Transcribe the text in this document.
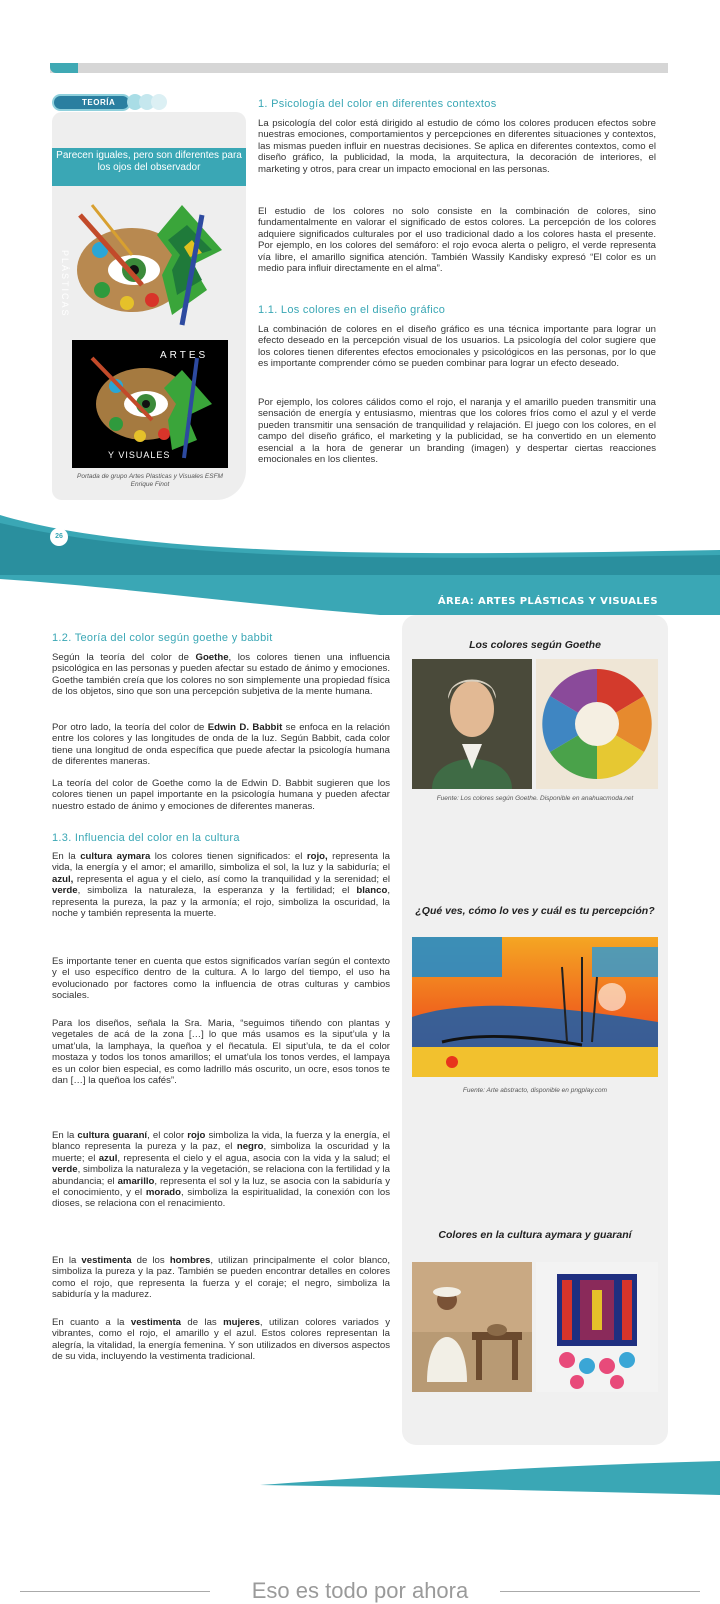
TEORÍA
Parecen iguales, pero son diferentes para los ojos del observador
ARTES
PLÁSTICAS
Y VISUALES
Portada de grupo Artes Plasticas y Visuales ESFM Enrique Finot
1. Psicología del color en diferentes contextos

La psicología del color está dirigido al estudio de cómo los colores producen efectos sobre nuestras emociones, comportamientos y percepciones en diferentes situaciones y contextos, las mismas pueden influir en nuestras decisiones. Se aplica en diferentes contextos, como el diseño gráfico, la publicidad, la moda, la arquitectura, la decoración de interiores, el marketing y otros, para crear un impacto emocional en las personas.

El estudio de los colores no solo consiste en la combinación de colores, sino fundamentalmente en valorar el significado de estos colores. La percepción de los colores adquiere significados culturales por el uso tradicional dado a los colores hasta el presente. Por ejemplo, en los colores del semáforo: el rojo evoca alerta o peligro, el verde representa vía libre, el amarillo significa atención. También Wassily Kandisky expresó “El color es un medio para influir directamente en el alma”.

1.1. Los colores en el diseño gráfico

La combinación de colores en el diseño gráfico es una técnica importante para lograr un efecto deseado en la percepción visual de los usuarios. La psicología del color sugiere que los colores tienen diferentes efectos emocionales y psicológicos en las personas, por lo que es importante comprender cómo se pueden combinar para lograr un efecto deseado.

Por ejemplo, los colores cálidos como el rojo, el naranja y el amarillo pueden transmitir una sensación de energía y entusiasmo, mientras que los colores fríos como el azul y el verde pueden transmitir una sensación de tranquilidad y relajación. El juego con los colores, en el campo del diseño gráfico, el marketing y la publicidad, se ha convertido en un elemento esencial a la hora de generar un branding (imagen) y despertar ciertas reacciones emocionales en los clientes.

26
ÁREA: ARTES PLÁSTICAS Y VISUALES
1.2. Teoría del color según goethe y babbit

Según la teoría del color de Goethe, los colores tienen una influencia psicológica en las personas y pueden afectar su estado de ánimo y emociones. Goethe también creía que los colores no son simplemente una propiedad física de los objetos, sino que son una percepción subjetiva de la mente humana.

Por otro lado, la teoría del color de Edwin D. Babbit se enfoca en la relación entre los colores y las longitudes de onda de la luz. Según Babbit, cada color tiene una longitud de onda específica que puede afectar la psicología humana de diferentes maneras.

La teoría del color de Goethe como la de Edwin D. Babbit sugieren que los colores tienen un papel importante en la psicología humana y pueden afectar nuestro estado de ánimo y emociones de diferentes maneras.

1.3. Influencia del color en la cultura

En la cultura aymara los colores tienen significados: el rojo, representa la vida, la energía y el amor; el amarillo, simboliza el sol, la luz y la sabiduría; el azul, representa el agua y el cielo, así como la tranquilidad y la serenidad; el verde, simboliza la naturaleza, la esperanza y la fertilidad; el blanco, representa la pureza, la paz y la armonía; el rojo, simboliza la oscuridad, la noche y también representa la muerte.

Es importante tener en cuenta que estos significados varían según el contexto y el uso específico dentro de la cultura. A lo largo del tiempo, el uso ha evolucionado por factores como la influencia de otras culturas y cambios sociales.

Para los diseños, señala la Sra. Maria, “seguimos tiñendo con plantas y vegetales de acá de la zona […] lo que más usamos es la siput’ula y la umat’ula, la lamphaya, la queñoa y el ñecatula. El siput’ula, te da el color mostaza y todos los tonos amarillos; el umat’ula los tonos verdes, el lampaya es un color bien especial, es como ladrillo más oscurito, un ocre, esos tonos te dan […] la queñoa los cafés”.

En la cultura guaraní, el color rojo simboliza la vida, la fuerza y la energía, el blanco representa la pureza y la paz, el negro, simboliza la oscuridad y la muerte; el azul, representa el cielo y el agua, asocia con la vida y la salud; el verde, simboliza la naturaleza y la vegetación, se relaciona con la fertilidad y la abundancia; el amarillo, representa el sol y la luz, se asocia con la sabiduría y el conocimiento, y el morado, simboliza la espiritualidad, la conexión con los dioses, se relaciona con el renacimiento.

En la vestimenta de los hombres, utilizan principalmente el color blanco, simboliza la pureza y la paz. También se pueden encontrar detalles en colores como el rojo, que representa la fuerza y el coraje; el negro, simboliza la sabiduría y la madurez.

En cuanto a la vestimenta de las mujeres, utilizan colores variados y vibrantes, como el rojo, el amarillo y el azul. Estos colores representan la alegría, la vitalidad, la energía femenina. Y son utilizados en diversos aspectos de su vida, incluyendo la vestimenta tradicional.

Los colores según Goethe
Fuente: Los colores según Goethe. Disponible en anahuacmoda.net
¿Qué ves, cómo lo ves y cuál es tu percepción?
Fuente: Arte abstracto, disponible en pngplay.com
Colores en la cultura aymara y guaraní
Eso es todo por ahora
